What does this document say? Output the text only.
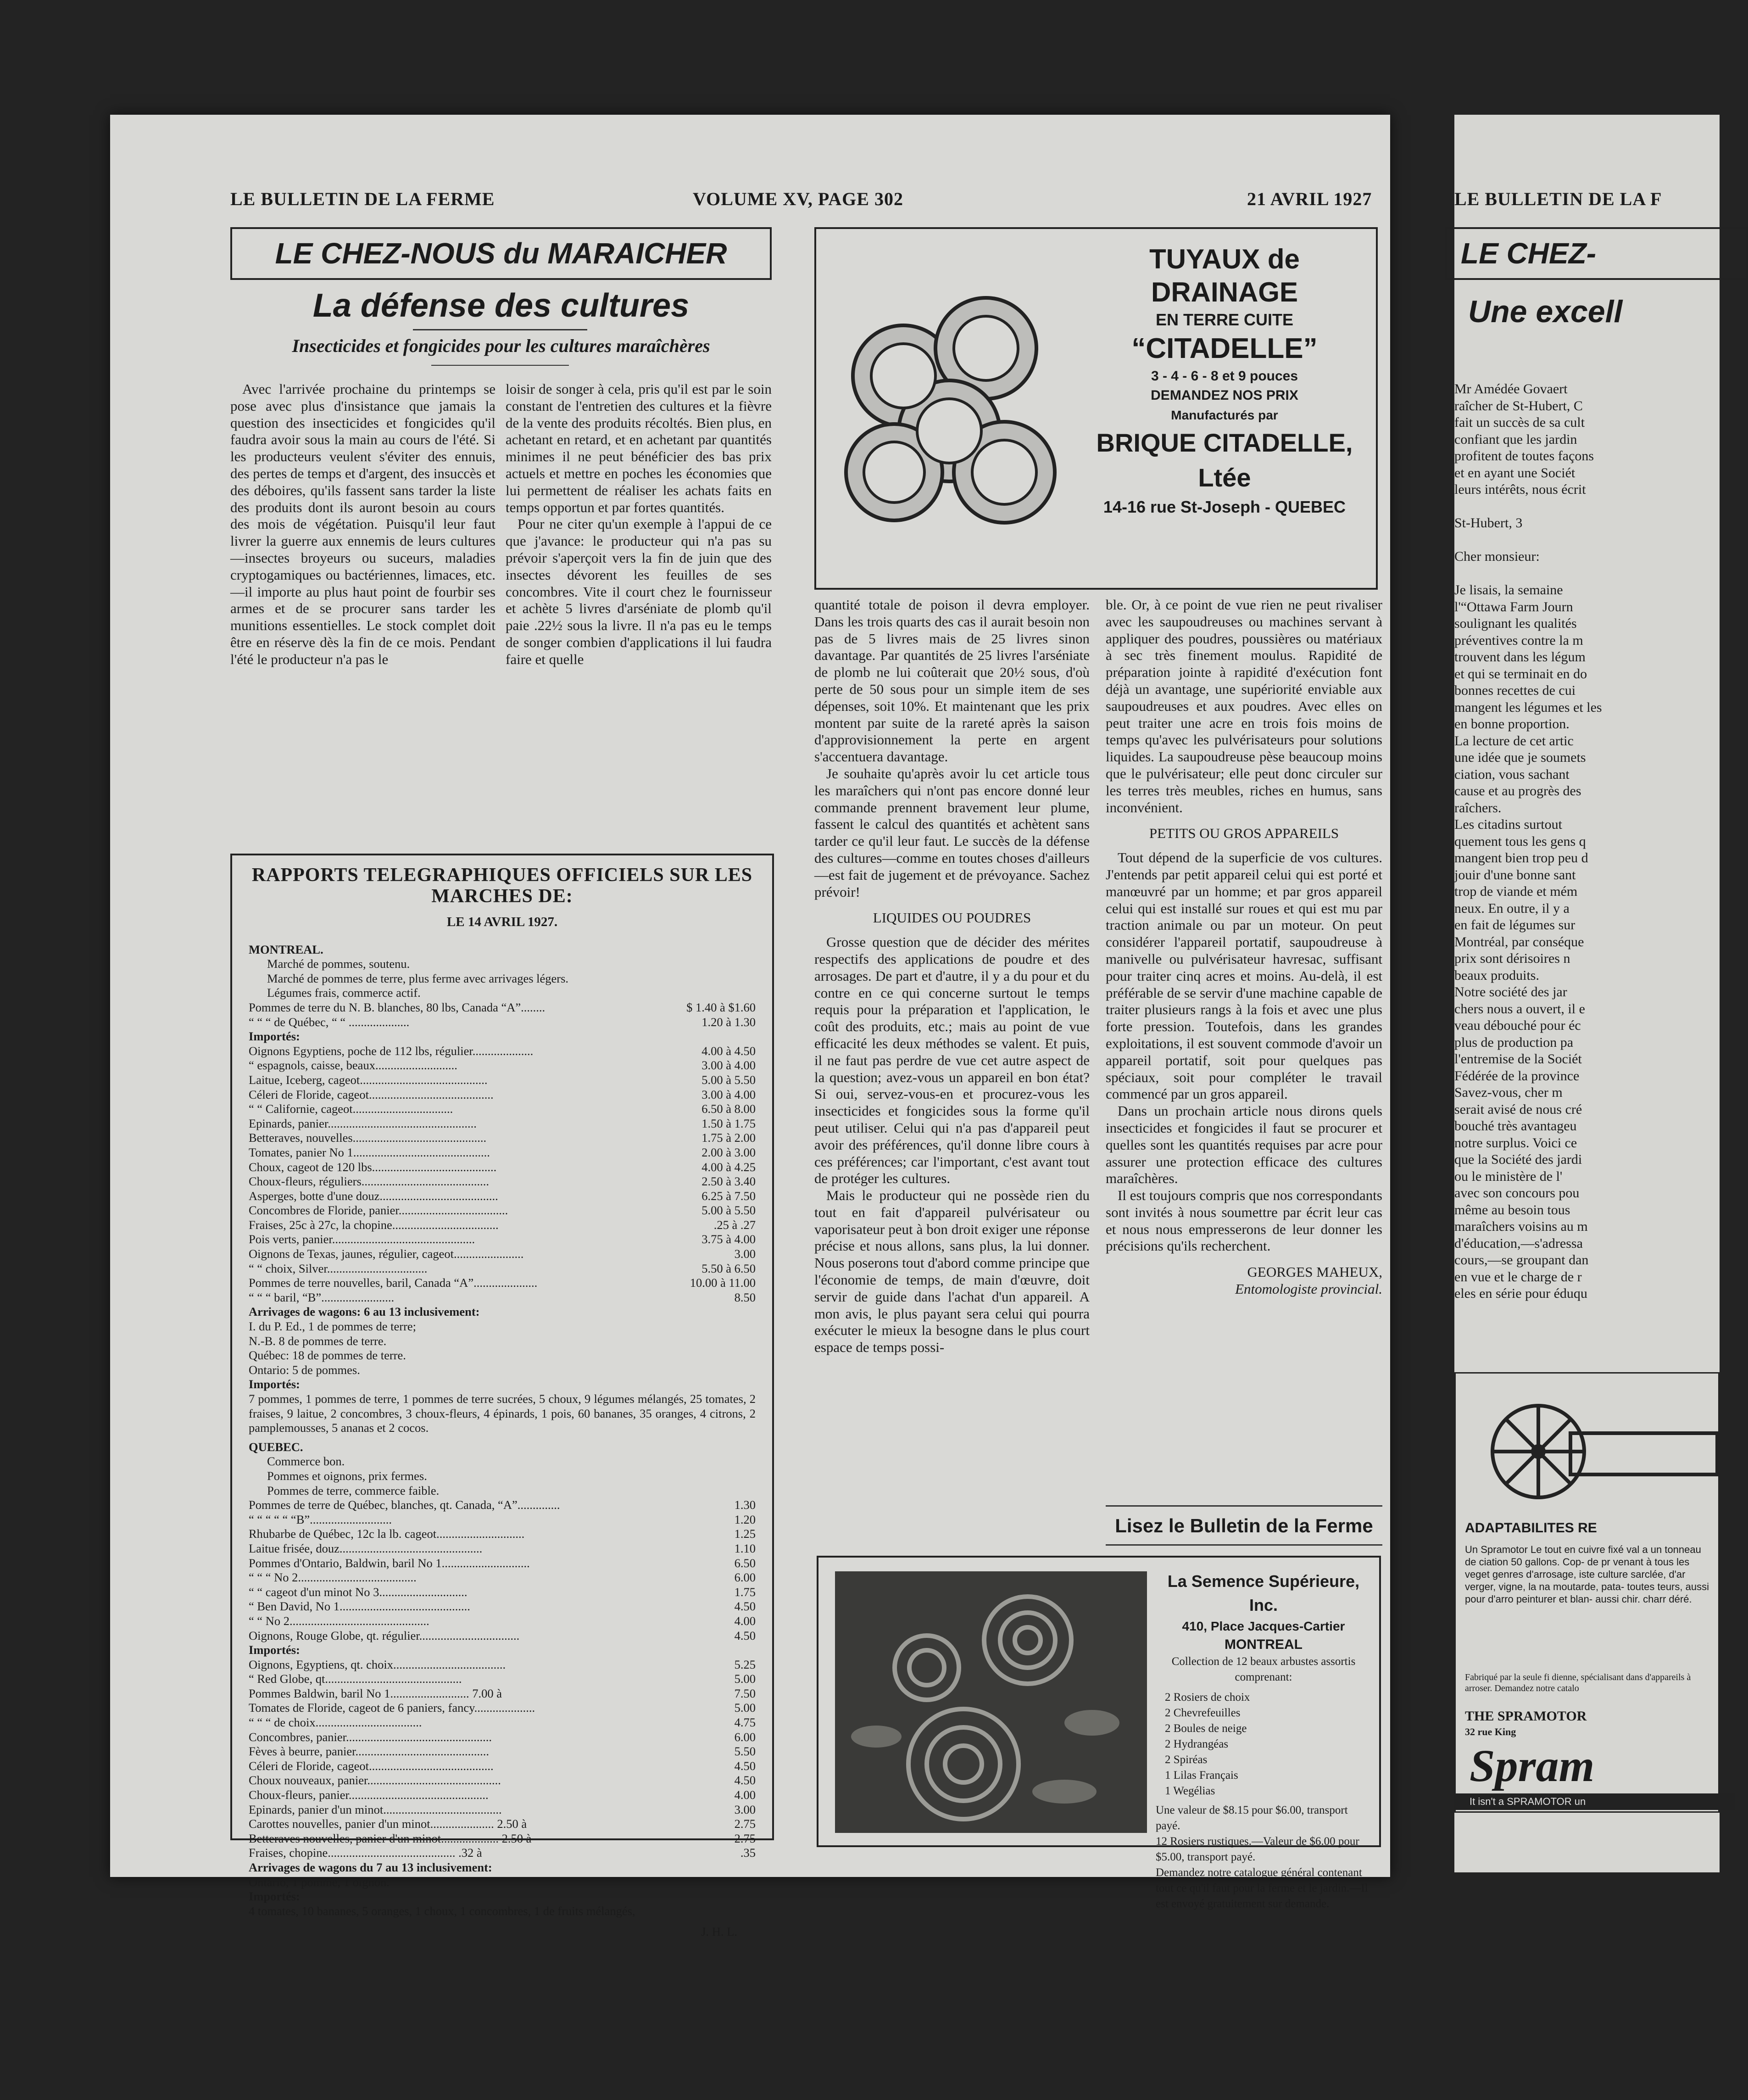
LE BULLETIN DE LA FERME	VOLUME XV, PAGE 302	21 AVRIL 1927
LE CHEZ-NOUS du MARAICHER
La défense des cultures
Insecticides et fongicides pour les cultures maraîchères

Avec l'arrivée prochaine du printemps se pose avec plus d'insistance que jamais la question des insecticides et fongicides qu'il faudra avoir sous la main au cours de l'été. Si les producteurs veulent s'éviter des ennuis, des pertes de temps et d'argent, des insuccès et des déboires, qu'ils fassent sans tarder la liste des produits dont ils auront besoin au cours des mois de végétation. Puisqu'il leur faut livrer la guerre aux ennemis de leurs cultures—insectes broyeurs ou suceurs, maladies cryptogamiques ou bactériennes, limaces, etc.—il importe au plus haut point de fourbir ses armes et de se procurer sans tarder les munitions essentielles. Le stock complet doit être en réserve dès la fin de ce mois. Pendant l'été le producteur n'a pas le

loisir de songer à cela, pris qu'il est par le soin constant de l'entretien des cultures et la fièvre de la vente des produits récoltés. Bien plus, en achetant en retard, et en achetant par quantités minimes il ne peut bénéficier des bas prix actuels et mettre en poches les économies que lui permettent de réaliser les achats faits en temps opportun et par fortes quantités.

Pour ne citer qu'un exemple à l'appui de ce que j'avance: le producteur qui n'a pas su prévoir s'aperçoit vers la fin de juin que des insectes dévorent les feuilles de ses concombres. Vite il court chez le fournisseur et achète 5 livres d'arséniate de plomb qu'il paie .22½ sous la livre. Il n'a pas eu le temps de songer combien d'applications il lui faudra faire et quelle

TUYAUX de DRAINAGE

EN TERRE CUITE

“CITADELLE”

3 - 4 - 6 - 8 et 9 pouces

DEMANDEZ NOS PRIX

Manufacturés par

BRIQUE CITADELLE, Ltée

14-16 rue St-Joseph - QUEBEC

quantité totale de poison il devra employer. Dans les trois quarts des cas il aurait besoin non pas de 5 livres mais de 25 livres sinon davantage. Par quantités de 25 livres l'arséniate de plomb ne lui coûterait que 20½ sous, d'où perte de 50 sous pour un simple item de ses dépenses, soit 10%. Et maintenant que les prix montent par suite de la rareté après la saison d'approvisionnement la perte en argent s'accentuera davantage.

Je souhaite qu'après avoir lu cet article tous les maraîchers qui n'ont pas encore donné leur commande prennent bravement leur plume, fassent le calcul des quantités et achètent sans tarder ce qu'il leur faut. Le succès de la défense des cultures—comme en toutes choses d'ailleurs—est fait de jugement et de prévoyance. Sachez prévoir!

LIQUIDES OU POUDRES

Grosse question que de décider des mérites respectifs des applications de poudre et des arrosages. De part et d'autre, il y a du pour et du contre en ce qui concerne surtout le temps requis pour la préparation et l'application, le coût des produits, etc.; mais au point de vue efficacité les deux méthodes se valent. Et puis, il ne faut pas perdre de vue cet autre aspect de la question; avez-vous un appareil en bon état? Si oui, servez-vous-en et procurez-vous les insecticides et fongicides sous la forme qu'il peut utiliser. Celui qui n'a pas d'appareil peut avoir des préférences, qu'il donne libre cours à ces préférences; car l'important, c'est avant tout de protéger les cultures.

Mais le producteur qui ne possède rien du tout en fait d'appareil pulvérisateur ou vaporisateur peut à bon droit exiger une réponse précise et nous allons, sans plus, la lui donner. Nous poserons tout d'abord comme principe que l'économie de temps, de main d'œuvre, doit servir de guide dans l'achat d'un appareil. A mon avis, le plus payant sera celui qui pourra exécuter le mieux la besogne dans le plus court espace de temps possi-

ble. Or, à ce point de vue rien ne peut rivaliser avec les saupoudreuses ou machines servant à appliquer des poudres, poussières ou matériaux à sec très finement moulus. Rapidité de préparation jointe à rapidité d'exécution font déjà un avantage, une supériorité enviable aux saupoudreuses et aux poudres. Avec elles on peut traiter une acre en trois fois moins de temps qu'avec les pulvérisateurs pour solutions liquides. La saupoudreuse pèse beaucoup moins que le pulvérisateur; elle peut donc circuler sur les terres très meubles, riches en humus, sans inconvénient.

PETITS OU GROS APPAREILS

Tout dépend de la superficie de vos cultures. J'entends par petit appareil celui qui est porté et manœuvré par un homme; et par gros appareil celui qui est installé sur roues et qui est mu par traction animale ou par un moteur. On peut considérer l'appareil portatif, saupoudreuse à manivelle ou pulvérisateur havresac, suffisant pour traiter cinq acres et moins. Au-delà, il est préférable de se servir d'une machine capable de traiter plusieurs rangs à la fois et avec une plus forte pression. Toutefois, dans les grandes exploitations, il est souvent commode d'avoir un appareil portatif, soit pour quelques pas spéciaux, soit pour compléter le travail commencé par un gros appareil.

Dans un prochain article nous dirons quels insecticides et fongicides il faut se procurer et quelles sont les quantités requises par acre pour assurer une protection efficace des cultures maraîchères.

Il est toujours compris que nos correspondants sont invités à nous soumettre par écrit leur cas et nous nous empresserons de leur donner les précisions qu'ils recherchent.

GEORGES MAHEUX,

Entomologiste provincial.

RAPPORTS TELEGRAPHIQUES OFFICIELS SUR LES MARCHES DE:
LE 14 AVRIL 1927.

MONTREAL.

Marché de pommes, soutenu.

Marché de pommes de terre, plus ferme avec arrivages légers.

Légumes frais, commerce actif.

Pommes de terre du N. B. blanches, 80 lbs, Canada “A”........	$ 1.40 à $1.60
“ “ “ de Québec, “ “ ....................	1.20 à 1.30

Importés:

Oignons Egyptiens, poche de 112 lbs, régulier....................	4.00 à 4.50
“ espagnols, caisse, beaux...........................	3.00 à 4.00
Laitue, Iceberg, cageot..........................................	5.00 à 5.50
Céleri de Floride, cageot.........................................	3.00 à 4.00
“ “ Californie, cageot.................................	6.50 à 8.00
Epinards, panier.................................................	1.50 à 1.75
Betteraves, nouvelles............................................	1.75 à 2.00
Tomates, panier No 1.............................................	2.00 à 3.00
Choux, cageot de 120 lbs.........................................	4.00 à 4.25
Choux-fleurs, réguliers..........................................	2.50 à 3.40
Asperges, botte d'une douz.......................................	6.25 à 7.50
Concombres de Floride, panier....................................	5.00 à 5.50
Fraises, 25c à 27c, la chopine...................................	.25 à .27
Pois verts, panier...............................................	3.75 à 4.00
Oignons de Texas, jaunes, régulier, cageot.......................	3.00
“ “ choix, Silver.................................	5.50 à 6.50
Pommes de terre nouvelles, baril, Canada “A”.....................	10.00 à 11.00
“ “ “ baril, “B”........................	8.50

Arrivages de wagons: 6 au 13 inclusivement:

I. du P. Ed., 1 de pommes de terre;

N.-B. 8 de pommes de terre.

Québec: 18 de pommes de terre.

Ontario: 5 de pommes.

Importés:

7 pommes, 1 pommes de terre, 1 pommes de terre sucrées, 5 choux, 9 légumes mélangés, 25 tomates, 2 fraises, 9 laitue, 2 concombres, 3 choux-fleurs, 4 épinards, 1 pois, 60 bananes, 35 oranges, 4 citrons, 2 pamplemousses, 5 ananas et 2 cocos.

QUEBEC.

Commerce bon.

Pommes et oignons, prix fermes.

Pommes de terre, commerce faible.

Pommes de terre de Québec, blanches, qt. Canada, “A”..............	1.30
“ “ “ “ “ “B”...........................	1.20
Rhubarbe de Québec, 12c la lb. cageot.............................	1.25
Laitue frisée, douz...............................................	1.10
Pommes d'Ontario, Baldwin, baril No 1.............................	6.50
“ “ “ No 2.......................................	6.00
“ “ cageot d'un minot No 3.............................	1.75
“ Ben David, No 1...........................................	4.50
“ “ No 2..............................................	4.00
Oignons, Rouge Globe, qt. régulier.................................	4.50

Importés:

Oignons, Egyptiens, qt. choix.....................................	5.25
“ Red Globe, qt.............................................	5.00
Pommes Baldwin, baril No 1.......................... 7.00 à	7.50
Tomates de Floride, cageot de 6 paniers, fancy....................	5.00
“ “ “ de choix...................................	4.75
Concombres, panier................................................	6.00
Fèves à beurre, panier............................................	5.50
Céleri de Floride, cageot.........................................	4.50
Choux nouveaux, panier............................................	4.50
Choux-fleurs, panier..............................................	4.00
Epinards, panier d'un minot.......................................	3.00
Carottes nouvelles, panier d'un minot..................... 2.50 à	2.75
Betteraves nouvelles, panier d'un minot................... 2.50 à	2.75
Fraises, chopine.......................................... .32 à	.35

Arrivages de wagons du 7 au 13 inclusivement:

Ontario, 1 pomme, 1 oignon.

Importés:

4 tomates, 10 bananes, 5 oranges, 1 choux, 1 concombres, 1 de fruits mélangés,

J. H. L.

Lisez le Bulletin de la Ferme

La Semence Supérieure, Inc.

410, Place Jacques-Cartier

MONTREAL

Collection de 12 beaux arbustes assortis comprenant:

2 Rosiers de choix

2 Chevrefeuilles

2 Boules de neige

2 Hydrangéas

2 Spiréas

1 Lilas Français

1 Wegélias

Une valeur de $8.15 pour $6.00, transport payé.

12 Rosiers rustiques.—Valeur de $6.00 pour $5.00, transport payé.

Demandez notre catalogue général contenant tout ce qu'il faut pour la ferme et le jardin.—Il est envoyé gratuitement sur demande.

LE BULLETIN DE LA F
LE CHEZ-
Une excell
Mr Amédée Govaert
raîcher de St-Hubert, C
fait un succès de sa cult
confiant que les jardin
profitent de toutes façons
et en ayant une Sociét
leurs intérêts, nous écrit
St-Hubert, 3
Cher monsieur:
Je lisais, la semaine
l'“Ottawa Farm Journ
soulignant les qualités
préventives contre la m
trouvent dans les légum
et qui se terminait en do
bonnes recettes de cui
mangent les légumes et les
en bonne proportion.
La lecture de cet artic
une idée que je soumets
ciation, vous sachant
cause et au progrès des
raîchers.
Les citadins surtout
quement tous les gens q
mangent bien trop peu d
jouir d'une bonne sant
trop de viande et mém
neux. En outre, il y a
en fait de légumes sur
Montréal, par conséque
prix sont dérisoires n
beaux produits.
Notre société des jar
chers nous a ouvert, il e
veau débouché pour éc
plus de production pa
l'entremise de la Sociét
Fédérée de la province
Savez-vous, cher m
serait avisé de nous cré
bouché très avantageu
notre surplus. Voici ce
que la Société des jardi
ou le ministère de l'
avec son concours pou
même au besoin tous
maraîchers voisins au m
d'éducation,—s'adressa
cours,—se groupant dan
en vue et le charge de r
eles en série pour éduqu
ADAPTABILITES RE
Un Spramotor Le tout en cuivre fixé val a un tonneau de ciation 50 gallons. Cop- de pr venant à tous les veget genres d'arrosage, iste culture sarclée, d'ar verger, vigne, la na moutarde, pata- toutes teurs, aussi pour d'arro peinturer et blan- aussi chir. charr déré.
Fabriqué par la seule fi dienne, spécialisant dans d'appareils à arroser. Demandez notre catalo
THE SPRAMOTOR
32 rue King
Spram
It isn't a SPRAMOTOR un
